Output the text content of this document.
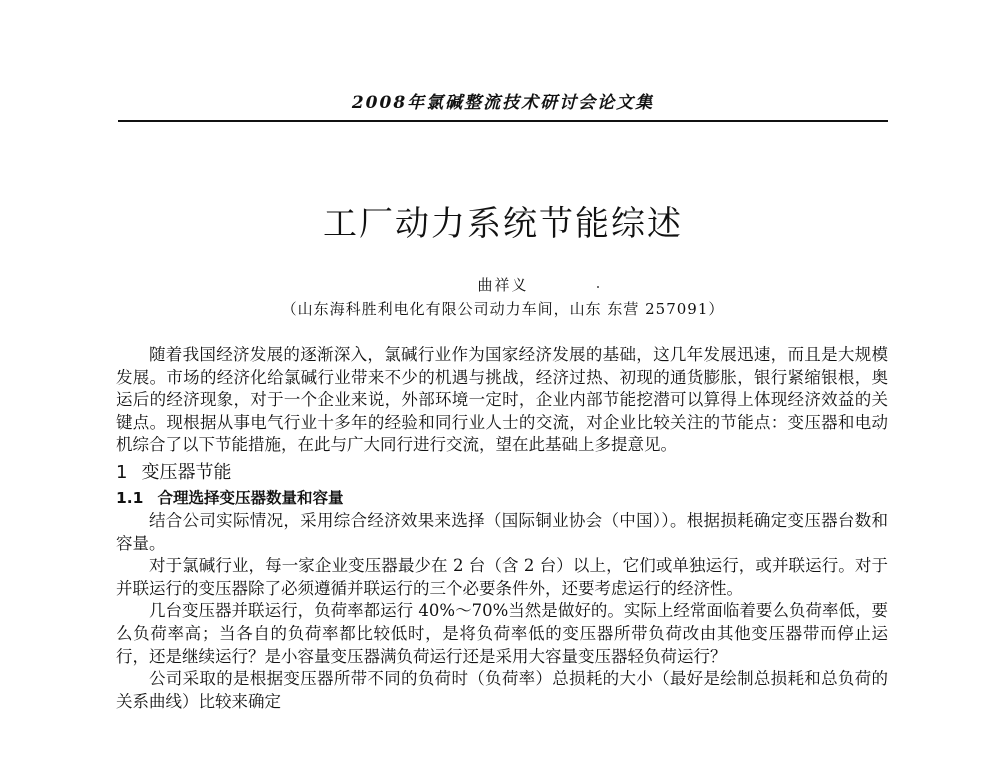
2008年氯碱整流技术研讨会论文集
工厂动力系统节能综述
曲祥义
（山东海科胜利电化有限公司动力车间，山东 东营 257091）

随着我国经济发展的逐渐深入，氯碱行业作为国家经济发展的基础，这几年发展迅速，而且是大规模发展。市场的经济化给氯碱行业带来不少的机遇与挑战，经济过热、初现的通货膨胀，银行紧缩银根，奥运后的经济现象，对于一个企业来说，外部环境一定时，企业内部节能挖潜可以算得上体现经济效益的关键点。现根据从事电气行业十多年的经验和同行业人士的交流，对企业比较关注的节能点：变压器和电动机综合了以下节能措施，在此与广大同行进行交流，望在此基础上多提意见。

1 变压器节能
1.1 合理选择变压器数量和容量

结合公司实际情况，采用综合经济效果来选择（国际铜业协会（中国））。根据损耗确定变压器台数和容量。

对于氯碱行业，每一家企业变压器最少在 2 台（含 2 台）以上，它们或单独运行，或并联运行。对于并联运行的变压器除了必须遵循并联运行的三个必要条件外，还要考虑运行的经济性。

几台变压器并联运行，负荷率都运行 40%～70%当然是做好的。实际上经常面临着要么负荷率低，要么负荷率高；当各自的负荷率都比较低时，是将负荷率低的变压器所带负荷改由其他变压器带而停止运行，还是继续运行？是小容量变压器满负荷运行还是采用大容量变压器轻负荷运行？

公司采取的是根据变压器所带不同的负荷时（负荷率）总损耗的大小（最好是绘制总损耗和总负荷的关系曲线）比较来确定
